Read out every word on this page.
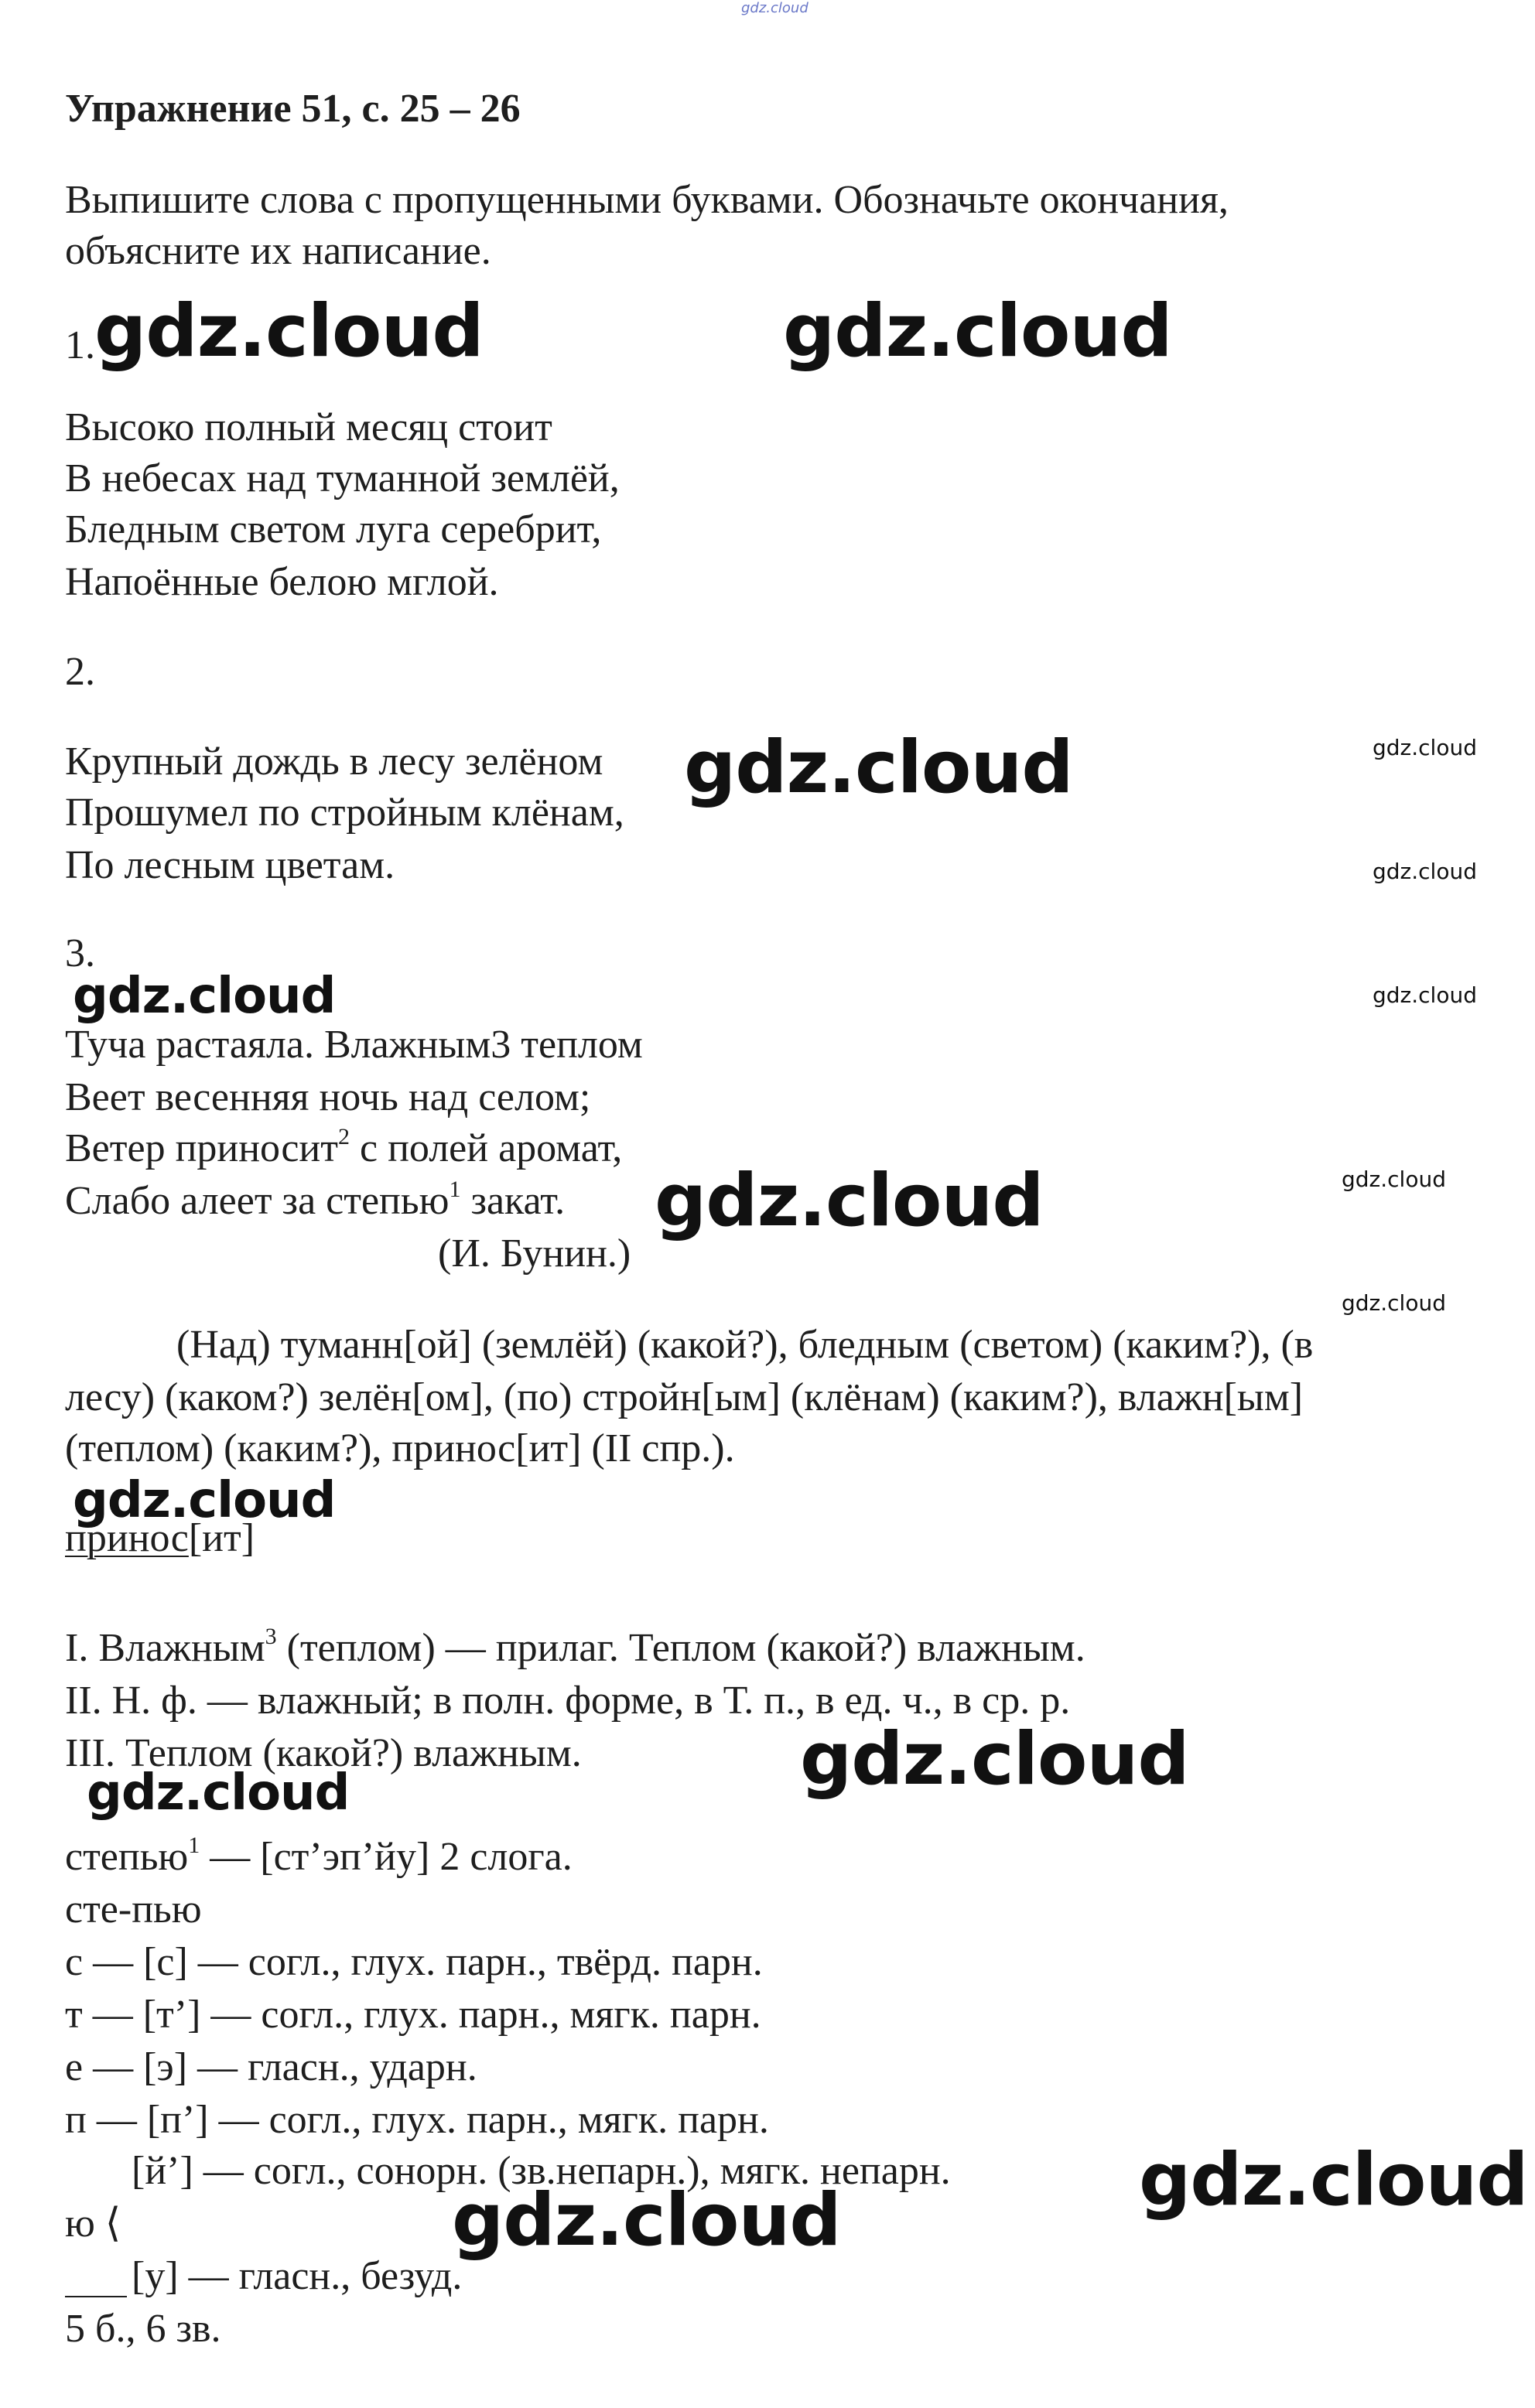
gdz.cloud
Упражнение 51, с. 25 – 26
Выпишите слова с пропущенными буквами. Обозначьте окончания,
объясните их написание.
1.
Высоко полный месяц стоит
В небесах над туманной землёй,
Бледным светом луга серебрит,
Напоённые белою мглой.
2.
Крупный дождь в лесу зелёном
Прошумел по стройным клёнам,
По лесным цветам.
3.
Туча растаяла. Влажным3 теплом
Веет весенняя ночь над селом;
Ветер приносит$^2$ с полей аромат,
Слабо алеет за степью$^1$ закат.
(И. Бунин.)
(Над) туманн[ой] (землёй) (какой?), бледным (светом) (каким?), (в
лесу) (каком?) зелён[ом], (по) стройн[ым] (клёнам) (каким?), влажн[ым]
(теплом) (каким?), принос[ит] (II спр.).
принос[ит]
I. Влажным$^3$ (теплом) — прилаг. Теплом (какой?) влажным.
II. Н. ф. — влажный; в полн. форме, в Т. п., в ед. ч., в ср. р.
III. Теплом (какой?) влажным.
степью$^1$ — [ст’эп’йу] 2 слога.
сте-пью
с — [с] — согл., глух. парн., твёрд. парн.
т — [т’] — согл., глух. парн., мягк. парн.
е — [э] — гласн., ударн.
п — [п’] — согл., глух. парн., мягк. парн.
[й’] — согл., сонорн. (зв.непарн.), мягк. непарн.
ю ⟨
[у] — гласн., безуд.
5 б., 6 зв.
gdz.cloud	gdz.cloud
gdz.cloud	gdz.cloud
gdz.cloud
gdz.cloud	gdz.cloud
gdz.cloud	gdz.cloud
gdz.cloud
gdz.cloud
gdz.cloud
gdz.cloud
gdz.cloud
gdz.cloud
